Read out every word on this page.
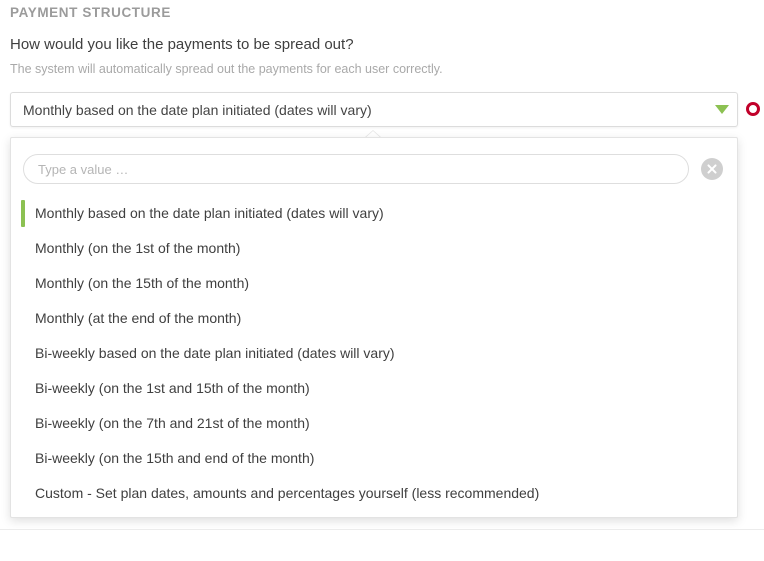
PAYMENT STRUCTURE
How would you like the payments to be spread out?
The system will automatically spread out the payments for each user correctly.
Monthly based on the date plan initiated (dates will vary)
Type a value …
Monthly based on the date plan initiated (dates will vary)
Monthly (on the 1st of the month)
Monthly (on the 15th of the month)
Monthly (at the end of the month)
Bi-weekly based on the date plan initiated (dates will vary)
Bi-weekly (on the 1st and 15th of the month)
Bi-weekly (on the 7th and 21st of the month)
Bi-weekly (on the 15th and end of the month)
Custom - Set plan dates, amounts and percentages yourself (less recommended)
